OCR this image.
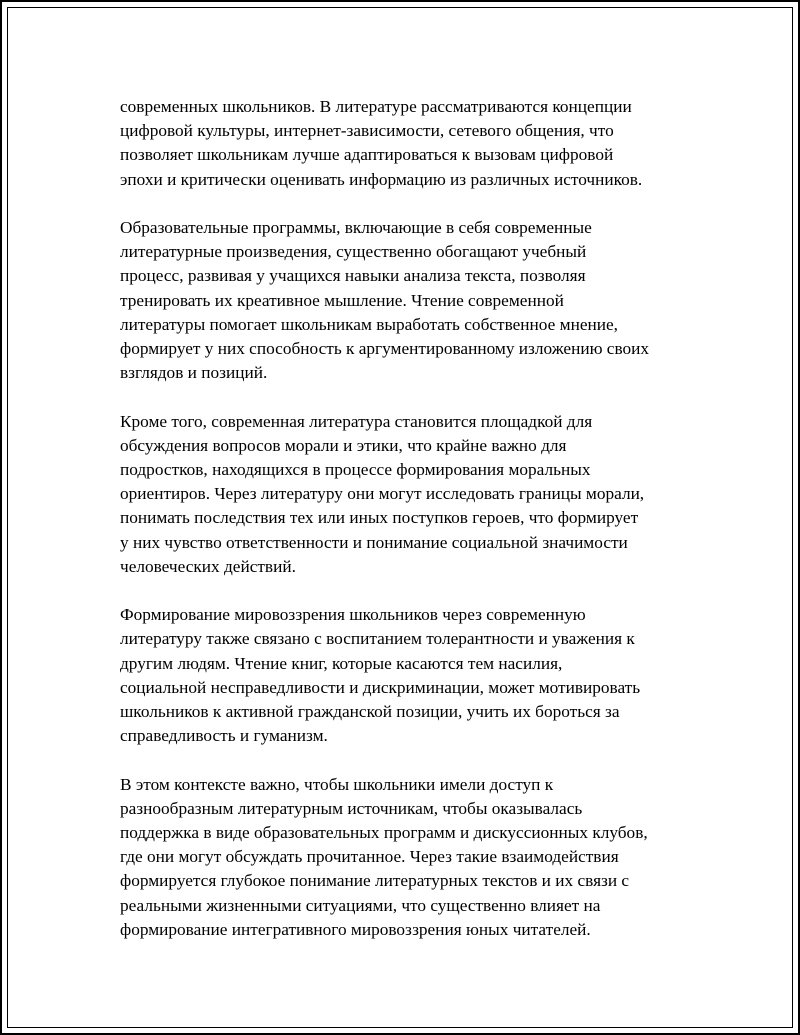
современных школьников. В литературе рассматриваются концепции
цифровой культуры, интернет-зависимости, сетевого общения, что
позволяет школьникам лучше адаптироваться к вызовам цифровой
эпохи и критически оценивать информацию из различных источников.
Образовательные программы, включающие в себя современные
литературные произведения, существенно обогащают учебный
процесс, развивая у учащихся навыки анализа текста, позволяя
тренировать их креативное мышление. Чтение современной
литературы помогает школьникам выработать собственное мнение,
формирует у них способность к аргументированному изложению своих
взглядов и позиций.
Кроме того, современная литература становится площадкой для
обсуждения вопросов морали и этики, что крайне важно для
подростков, находящихся в процессе формирования моральных
ориентиров. Через литературу они могут исследовать границы морали,
понимать последствия тех или иных поступков героев, что формирует
у них чувство ответственности и понимание социальной значимости
человеческих действий.
Формирование мировоззрения школьников через современную
литературу также связано с воспитанием толерантности и уважения к
другим людям. Чтение книг, которые касаются тем насилия,
социальной несправедливости и дискриминации, может мотивировать
школьников к активной гражданской позиции, учить их бороться за
справедливость и гуманизм.
В этом контексте важно, чтобы школьники имели доступ к
разнообразным литературным источникам, чтобы оказывалась
поддержка в виде образовательных программ и дискуссионных клубов,
где они могут обсуждать прочитанное. Через такие взаимодействия
формируется глубокое понимание литературных текстов и их связи с
реальными жизненными ситуациями, что существенно влияет на
формирование интегративного мировоззрения юных читателей.
